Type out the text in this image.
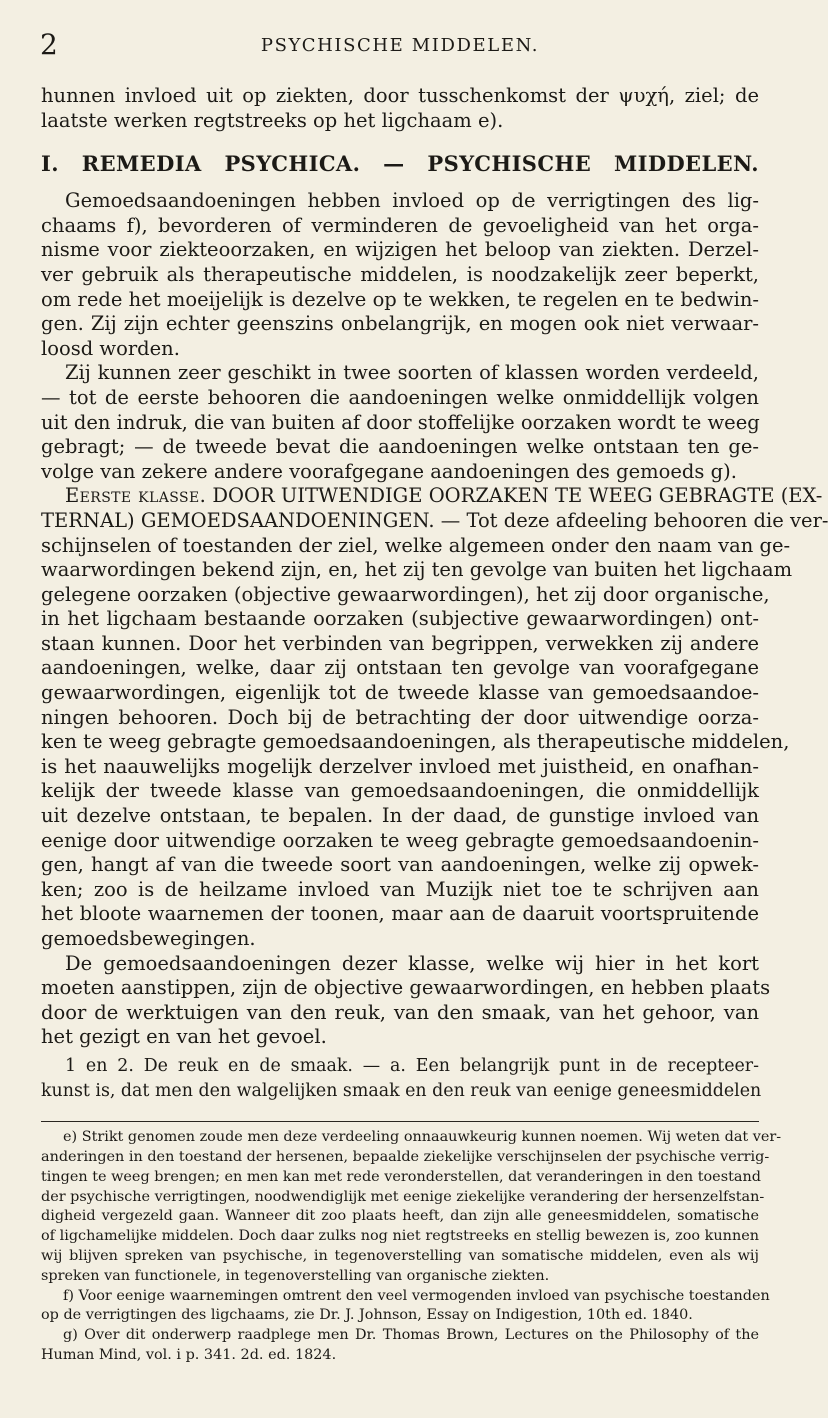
2	PSYCHISCHE MIDDELEN.
hunnen invloed uit op ziekten, door tusschenkomst der ψυχή, ziel; de
laatste werken regtstreeks op het ligchaam e).
I. REMEDIA PSYCHICA. — PSYCHISCHE MIDDELEN.
Gemoedsaandoeningen hebben invloed op de verrigtingen des lig-
chaams f), bevorderen of verminderen de gevoeligheid van het orga-
nisme voor ziekteoorzaken, en wijzigen het beloop van ziekten. Derzel-
ver gebruik als therapeutische middelen, is noodzakelijk zeer beperkt,
om rede het moeijelijk is dezelve op te wekken, te regelen en te bedwin-
gen. Zij zijn echter geenszins onbelangrijk, en mogen ook niet verwaar-
loosd worden.
Zij kunnen zeer geschikt in twee soorten of klassen worden verdeeld,
— tot de eerste behooren die aandoeningen welke onmiddellijk volgen
uit den indruk, die van buiten af door stoffelijke oorzaken wordt te weeg
gebragt; — de tweede bevat die aandoeningen welke ontstaan ten ge-
volge van zekere andere voorafgegane aandoeningen des gemoeds g).
Eerste klasse. DOOR UITWENDIGE OORZAKEN TE WEEG GEBRAGTE (EX-
TERNAL) GEMOEDSAANDOENINGEN. — Tot deze afdeeling behooren die ver-
schijnselen of toestanden der ziel, welke algemeen onder den naam van ge-
waarwordingen bekend zijn, en, het zij ten gevolge van buiten het ligchaam
gelegene oorzaken (objective gewaarwordingen), het zij door organische,
in het ligchaam bestaande oorzaken (subjective gewaarwordingen) ont-
staan kunnen. Door het verbinden van begrippen, verwekken zij andere
aandoeningen, welke, daar zij ontstaan ten gevolge van voorafgegane
gewaarwordingen, eigenlijk tot de tweede klasse van gemoedsaandoe-
ningen behooren. Doch bij de betrachting der door uitwendige oorza-
ken te weeg gebragte gemoedsaandoeningen, als therapeutische middelen,
is het naauwelijks mogelijk derzelver invloed met juistheid, en onafhan-
kelijk der tweede klasse van gemoedsaandoeningen, die onmiddellijk
uit dezelve ontstaan, te bepalen. In der daad, de gunstige invloed van
eenige door uitwendige oorzaken te weeg gebragte gemoedsaandoenin-
gen, hangt af van die tweede soort van aandoeningen, welke zij opwek-
ken; zoo is de heilzame invloed van Muzijk niet toe te schrijven aan
het bloote waarnemen der toonen, maar aan de daaruit voortspruitende
gemoedsbewegingen.
De gemoedsaandoeningen dezer klasse, welke wij hier in het kort
moeten aanstippen, zijn de objective gewaarwordingen, en hebben plaats
door de werktuigen van den reuk, van den smaak, van het gehoor, van
het gezigt en van het gevoel.
1 en 2. De reuk en de smaak. — a. Een belangrijk punt in de recepteer-
kunst is, dat men den walgelijken smaak en den reuk van eenige geneesmiddelen
e) Strikt genomen zoude men deze verdeeling onnaauwkeurig kunnen noemen. Wij weten dat ver-
anderingen in den toestand der hersenen, bepaalde ziekelijke verschijnselen der psychische verrig-
tingen te weeg brengen; en men kan met rede veronderstellen, dat veranderingen in den toestand
der psychische verrigtingen, noodwendiglijk met eenige ziekelijke verandering der hersenzelfstan-
digheid vergezeld gaan. Wanneer dit zoo plaats heeft, dan zijn alle geneesmiddelen, somatische
of ligchamelijke middelen. Doch daar zulks nog niet regtstreeks en stellig bewezen is, zoo kunnen
wij blijven spreken van psychische, in tegenoverstelling van somatische middelen, even als wij
spreken van functionele, in tegenoverstelling van organische ziekten.
f) Voor eenige waarnemingen omtrent den veel vermogenden invloed van psychische toestanden
op de verrigtingen des ligchaams, zie Dr. J. Johnson, Essay on Indigestion, 10th ed. 1840.
g) Over dit onderwerp raadplege men Dr. Thomas Brown, Lectures on the Philosophy of the
Human Mind, vol. i p. 341. 2d. ed. 1824.
